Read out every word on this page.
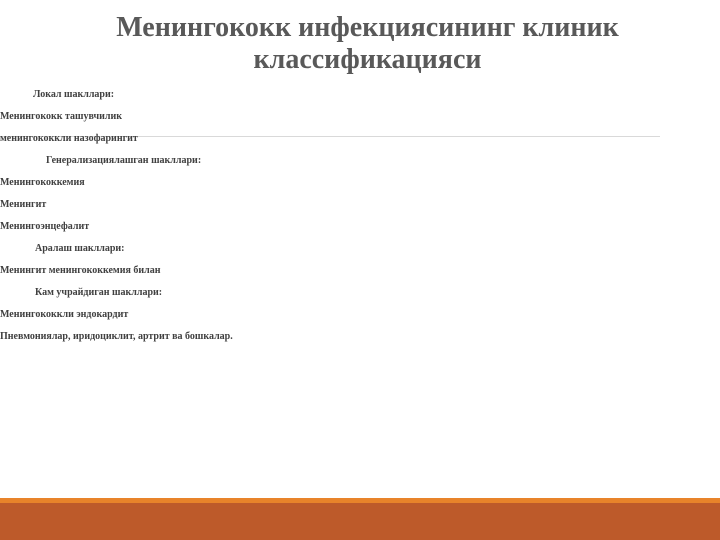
Менингококк инфекциясининг клиник классификацияси
Локал шакллари:
Менингококк ташувчилик
менингококкли назофарингит
Генерализациялашган шакллари:
Менингококкемия
Менингит
Менингоэнцефалит
Аралаш шакллари:
Менингит менингококкемия билан
Кам учрайдиган шакллари:
Менингококкли эндокардит
Пневмониялар, иридоциклит, артрит ва бошкалар.
